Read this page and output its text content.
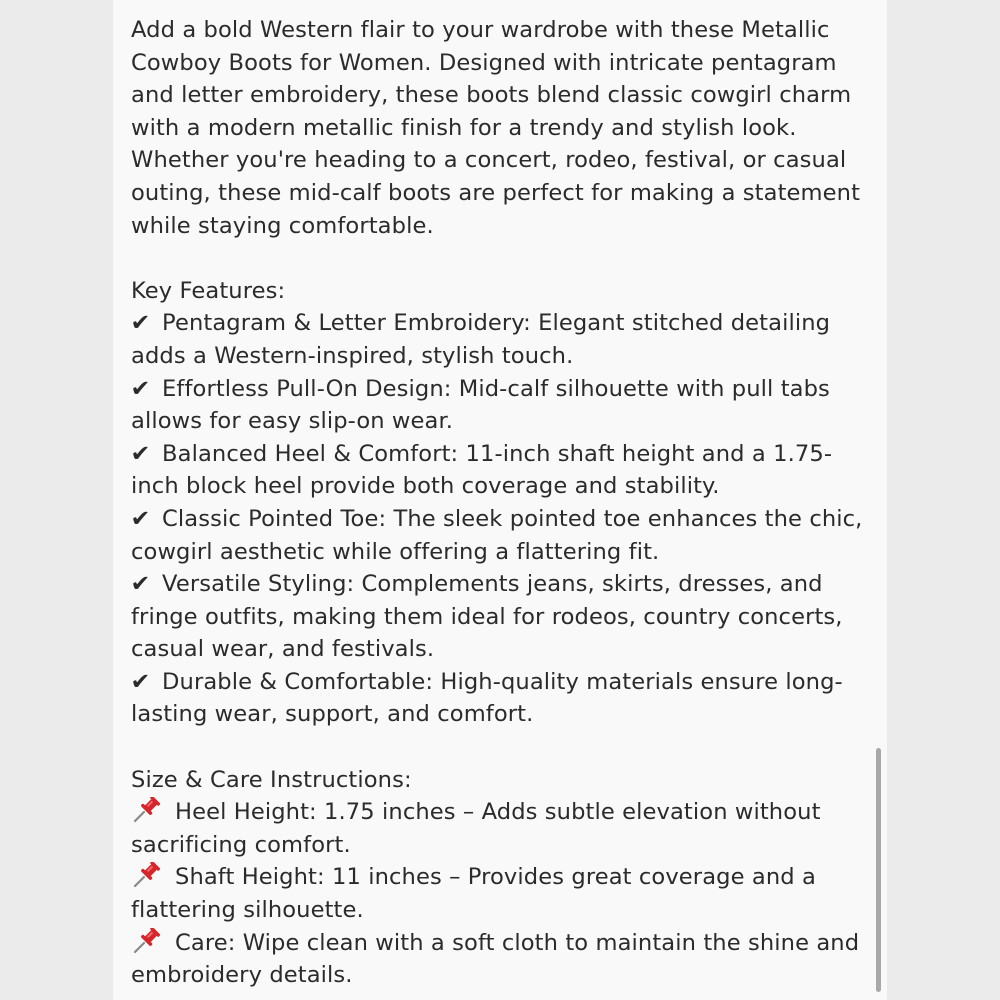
Add a bold Western flair to your wardrobe with these Metallic Cowboy Boots for Women. Designed with intricate pentagram and letter embroidery, these boots blend classic cowgirl charm with a modern metallic finish for a trendy and stylish look. Whether you're heading to a concert, rodeo, festival, or casual outing, these mid-calf boots are perfect for making a statement while staying comfortable.

Key Features:

✔ Pentagram & Letter Embroidery: Elegant stitched detailing adds a Western-inspired, stylish touch.

✔ Effortless Pull-On Design: Mid-calf silhouette with pull tabs allows for easy slip-on wear.

✔ Balanced Heel & Comfort: 11-inch shaft height and a 1.75-inch block heel provide both coverage and stability.

✔ Classic Pointed Toe: The sleek pointed toe enhances the chic, cowgirl aesthetic while offering a flattering fit.

✔ Versatile Styling: Complements jeans, skirts, dresses, and fringe outfits, making them ideal for rodeos, country concerts, casual wear, and festivals.

✔ Durable & Comfortable: High-quality materials ensure long-lasting wear, support, and comfort.

Size & Care Instructions:

Heel Height: 1.75 inches – Adds subtle elevation without sacrificing comfort.

Shaft Height: 11 inches – Provides great coverage and a flattering silhouette.

Care: Wipe clean with a soft cloth to maintain the shine and embroidery details.
